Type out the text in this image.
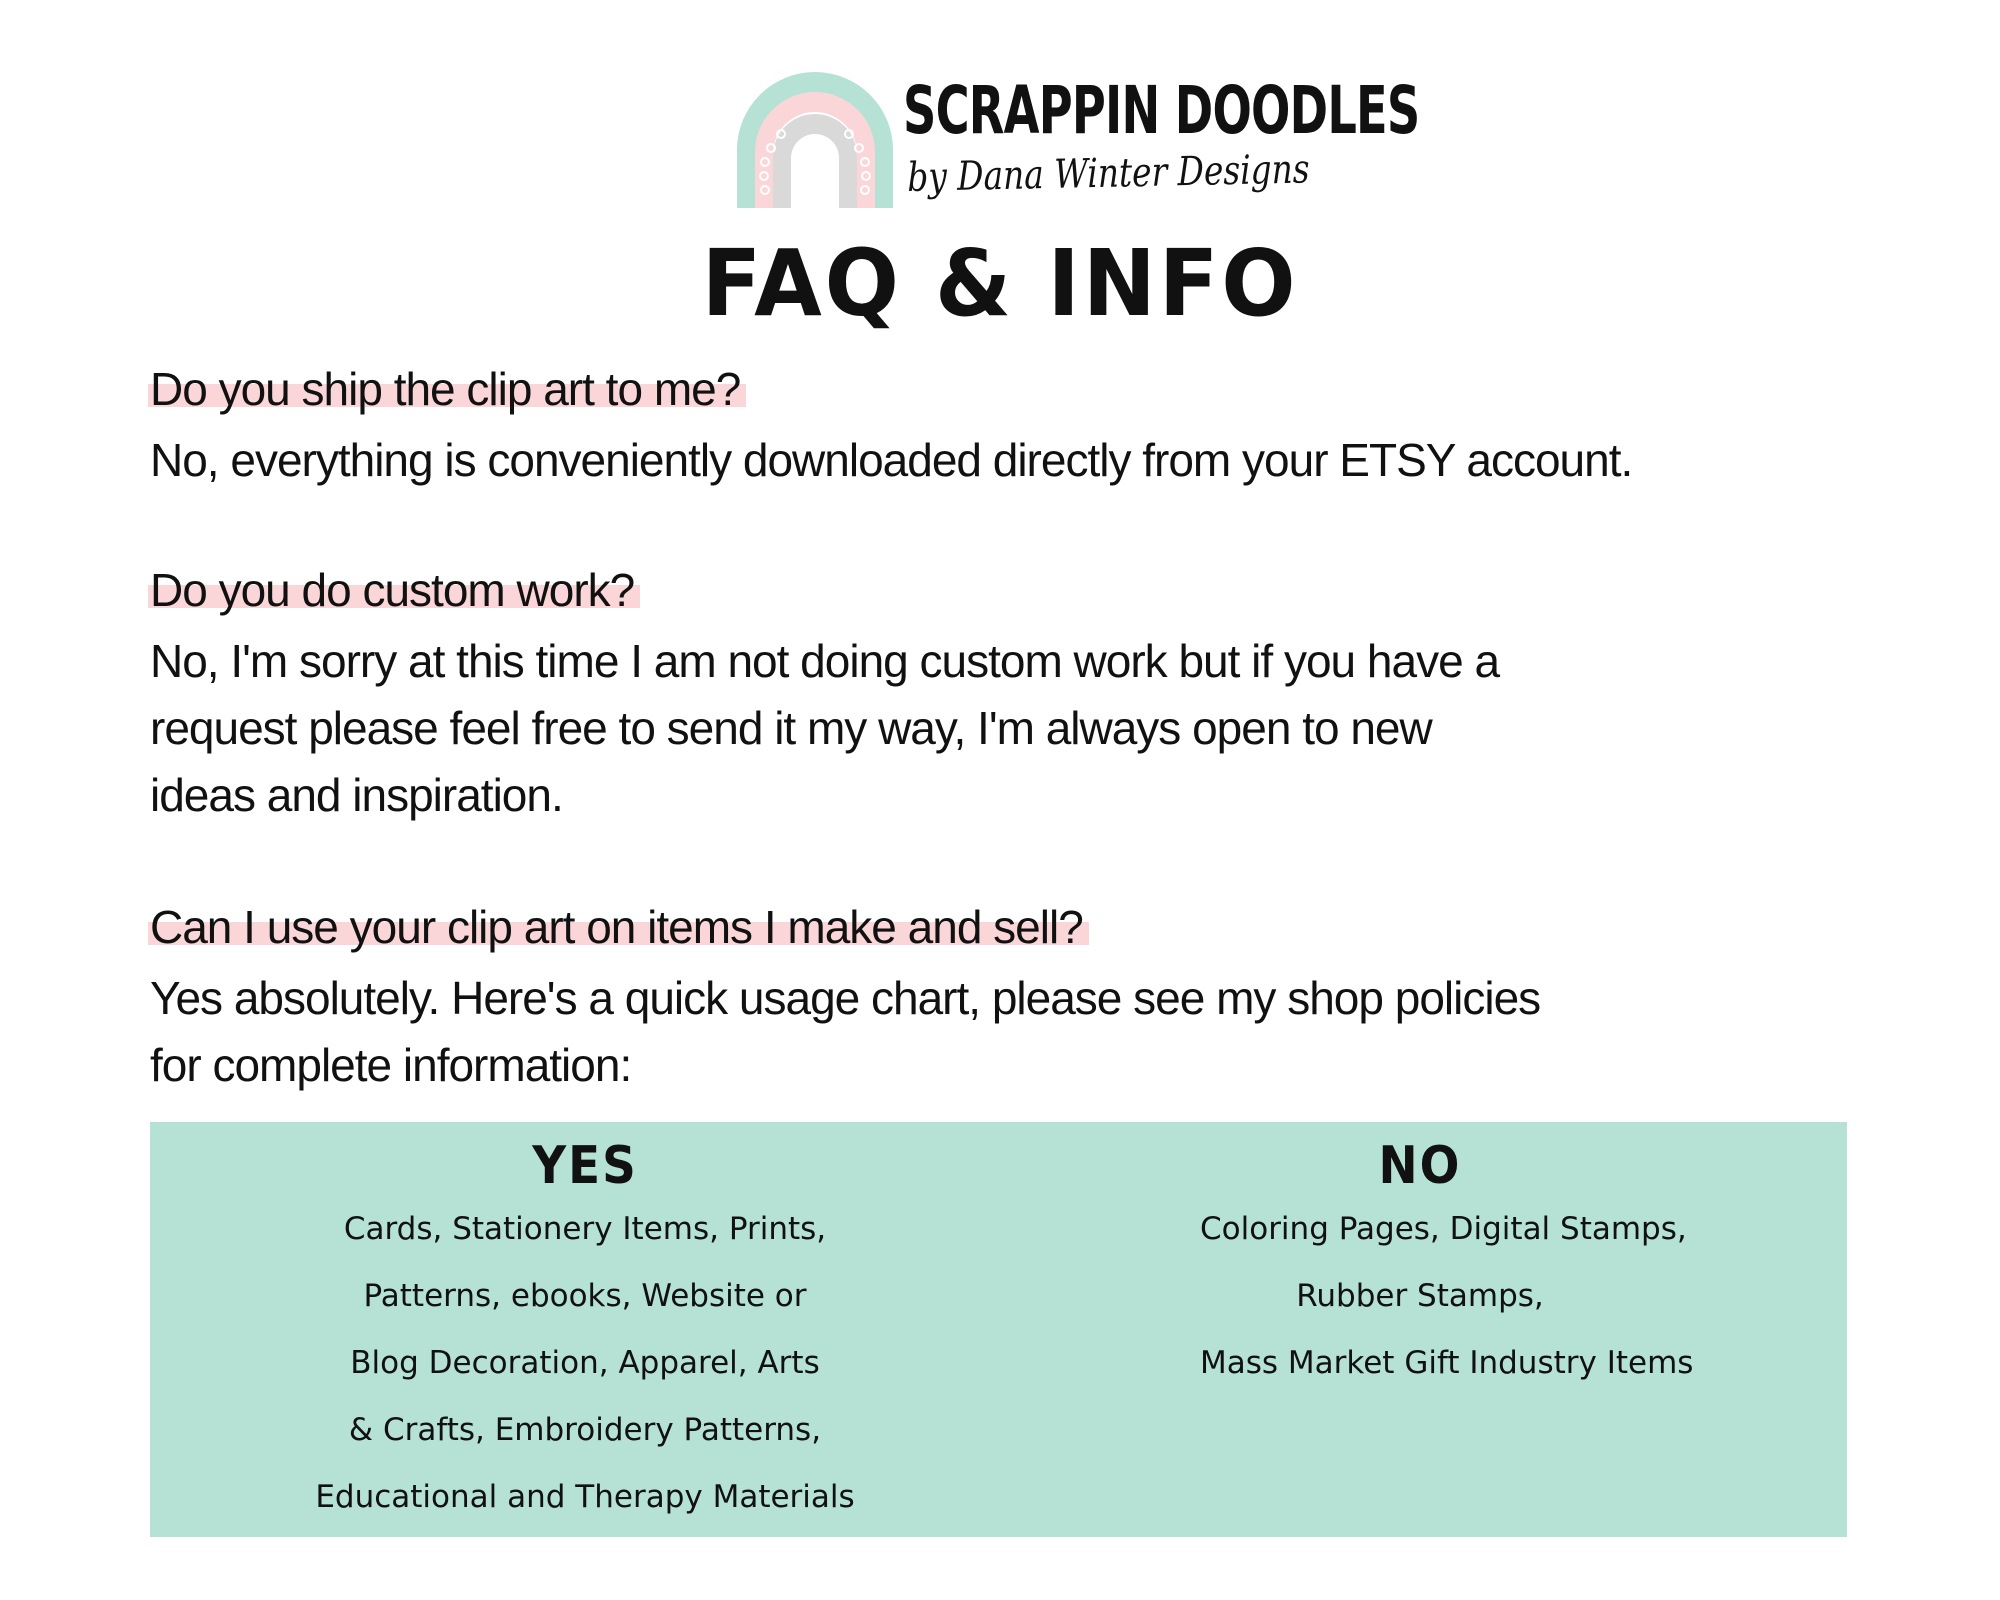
SCRAPPIN DOODLES
by Dana Winter Designs
FAQ & INFO
Do you ship the clip art to me?
No, everything is conveniently downloaded directly from your ETSY account.
Do you do custom work?
No, I'm sorry at this time I am not doing custom work but if you have a
request please feel free to send it my way, I'm always open to new
ideas and inspiration.
Can I use your clip art on items I make and sell?
Yes absolutely. Here's a quick usage chart, please see my shop policies
for complete information:
YES
Cards, Stationery Items, Prints,
Patterns, ebooks, Website or
Blog Decoration, Apparel, Arts
& Crafts, Embroidery Patterns,
Educational and Therapy Materials
NO
Coloring Pages, Digital Stamps,
Rubber Stamps,
Mass Market Gift Industry Items
